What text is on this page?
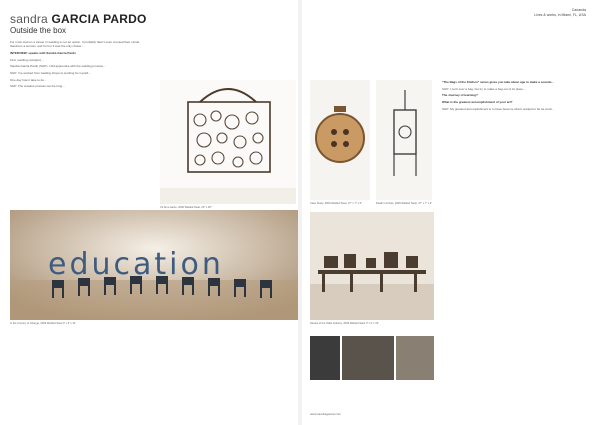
sandra GARCIA PARDO
Outside the box

For most women a career in welding is not an option. It probably hasn't even crossed their minds. Sandra is a woman, and for her it was the only choice...

INTERVIEW: speaks with Sandra Garcia Pardo

First, welding (sculptor)...

Sandra Garcia Pardo (SGP): I did apprentice with the welding process...

SGP: I've worked from welding shops to working for myself...

One day how it take to do...

SGP: The creative process can be long...

education
In the Country of Change, 2009 Welded Steel 3' x 6' x 10'
It's All a Game, 2009 Welded Steel, 23" x 18"
Cananda
Lives & works, in Miami, FL, USA
Case Study, 2009 Welded Steel, 27" x 7" x 5"	Death Lunches, 2009 Welded Steel, 27" x 7" x 4"
Stories of the Table Industry, 2009 Welded Steel 3' x 6' x 10'

"The Bags of the Kitchen" series gives you take about age to make a sounds...

SGP: I can't ever a bag, but try to make a bag out of its place...

The Journey of learning?

What is the greatest accomplishment of your art?

SGP: My greatest accomplishment is to have become what I wanted to be as a kid...

www.sandragarcia.com
